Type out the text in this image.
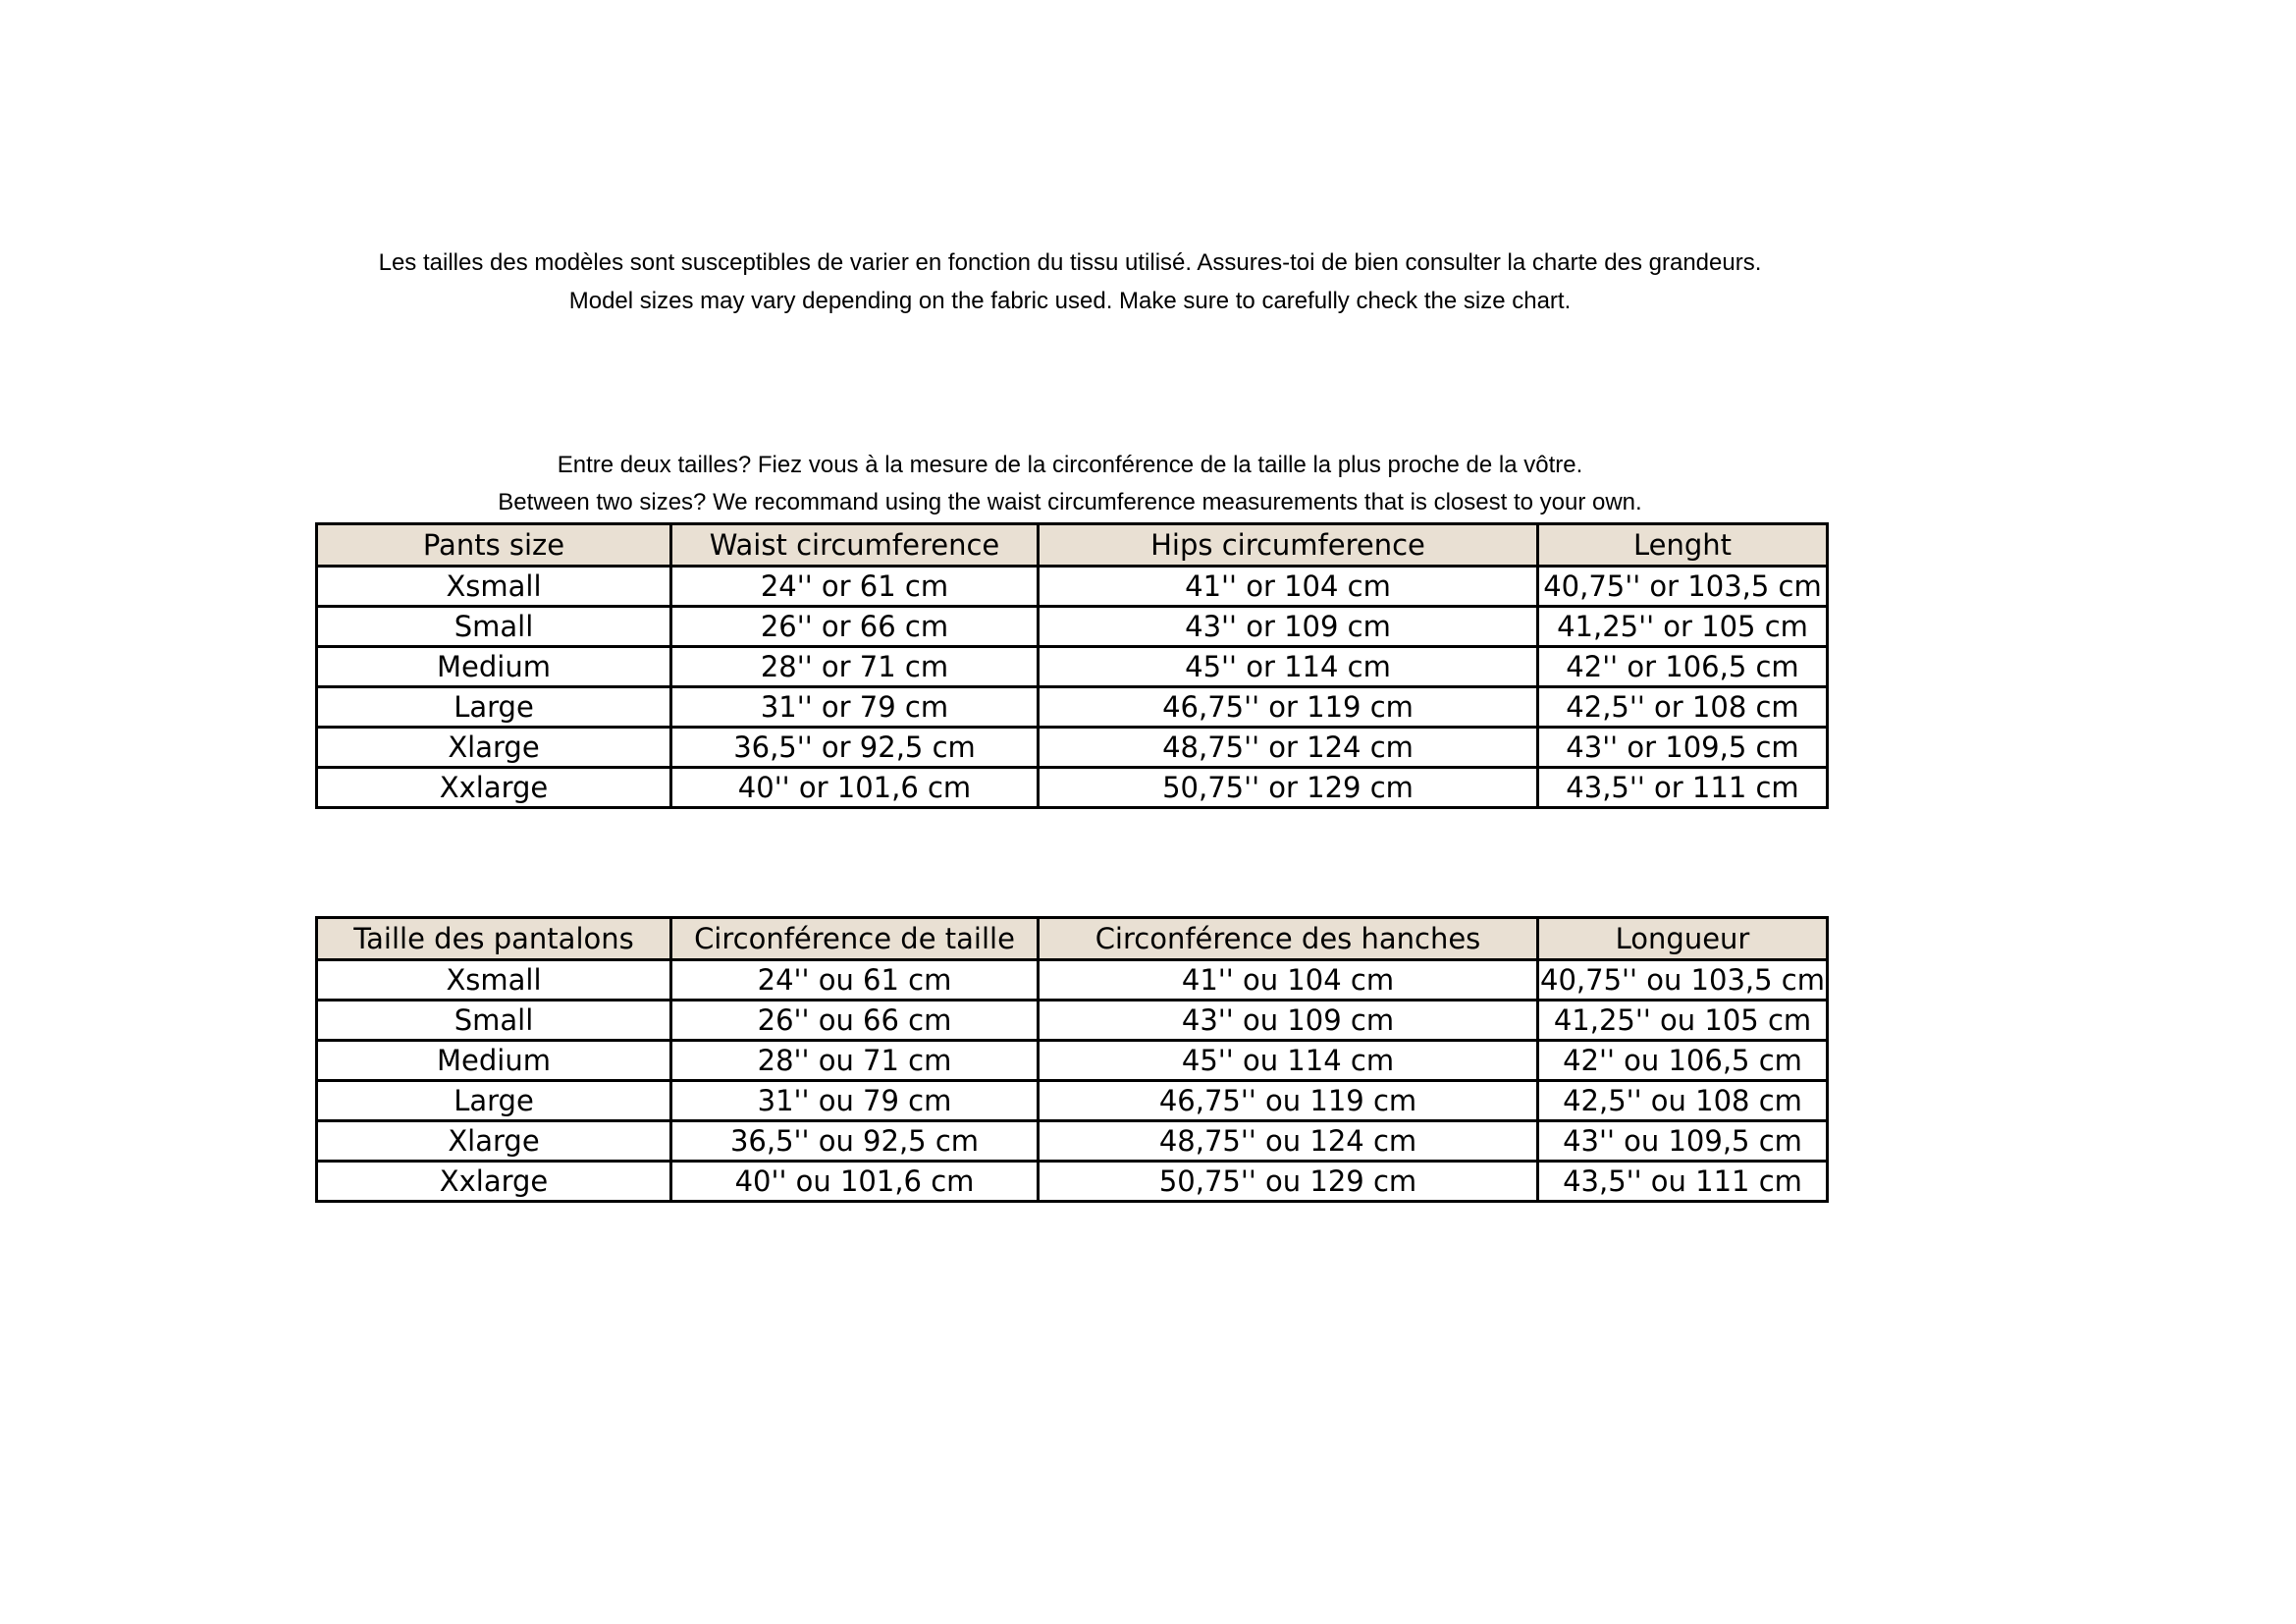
Les tailles des modèles sont susceptibles de varier en fonction du tissu utilisé. Assures-toi de bien consulter la charte des grandeurs.
Model sizes may vary depending on the fabric used. Make sure to carefully check the size chart.
Entre deux tailles? Fiez vous à la mesure de la circonférence de la taille la plus proche de la vôtre.
Between two sizes? We recommand using the waist circumference measurements that is closest to your own.
Pants size	Waist circumference	Hips circumference	Lenght
Xsmall	24'' or 61 cm	41'' or 104 cm	40,75'' or 103,5 cm
Small	26'' or 66 cm	43'' or 109 cm	41,25'' or 105 cm
Medium	28'' or 71 cm	45'' or 114 cm	42'' or 106,5 cm
Large	31'' or 79 cm	46,75'' or 119 cm	42,5'' or 108 cm
Xlarge	36,5'' or 92,5 cm	48,75'' or 124 cm	43'' or 109,5 cm
Xxlarge	40'' or 101,6 cm	50,75'' or 129 cm	43,5'' or 111 cm
Taille des pantalons	Circonférence de taille	Circonférence des hanches	Longueur
Xsmall	24'' ou 61 cm	41'' ou 104 cm	40,75'' ou 103,5 cm
Small	26'' ou 66 cm	43'' ou 109 cm	41,25'' ou 105 cm
Medium	28'' ou 71 cm	45'' ou 114 cm	42'' ou 106,5 cm
Large	31'' ou 79 cm	46,75'' ou 119 cm	42,5'' ou 108 cm
Xlarge	36,5'' ou 92,5 cm	48,75'' ou 124 cm	43'' ou 109,5 cm
Xxlarge	40'' ou 101,6 cm	50,75'' ou 129 cm	43,5'' ou 111 cm
